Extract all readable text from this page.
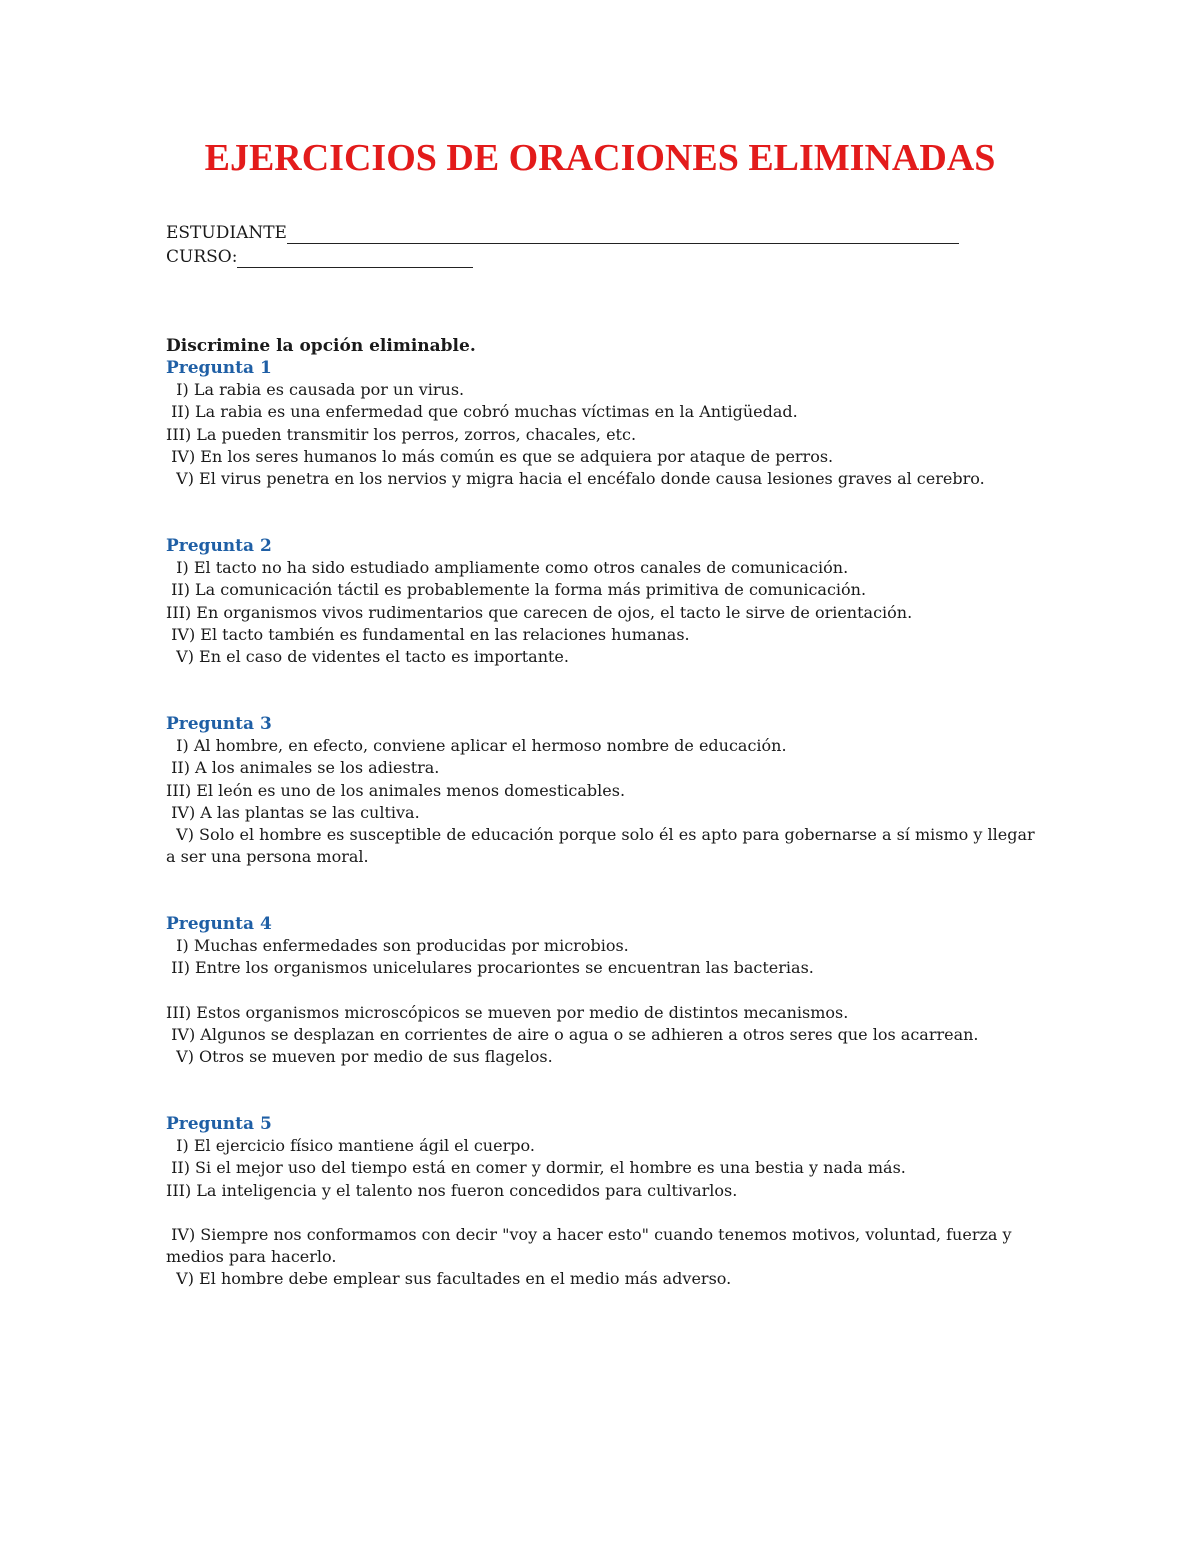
EJERCICIOS DE ORACIONES ELIMINADAS
ESTUDIANTE
CURSO:
Discrimine la opción eliminable.
Pregunta 1
I) La rabia es causada por un virus.
II) La rabia es una enfermedad que cobró muchas víctimas en la Antigüedad.
III) La pueden transmitir los perros, zorros, chacales, etc.
IV) En los seres humanos lo más común es que se adquiera por ataque de perros.
V) El virus penetra en los nervios y migra hacia el encéfalo donde causa lesiones graves al cerebro.
Pregunta 2
I) El tacto no ha sido estudiado ampliamente como otros canales de comunicación.
II) La comunicación táctil es probablemente la forma más primitiva de comunicación.
III) En organismos vivos rudimentarios que carecen de ojos, el tacto le sirve de orientación.
IV) El tacto también es fundamental en las relaciones humanas.
V) En el caso de videntes el tacto es importante.
Pregunta 3
I) Al hombre, en efecto, conviene aplicar el hermoso nombre de educación.
II) A los animales se los adiestra.
III) El león es uno de los animales menos domesticables.
IV) A las plantas se las cultiva.
V) Solo el hombre es susceptible de educación porque solo él es apto para gobernarse a sí mismo y llegar a ser una persona moral.
Pregunta 4
I) Muchas enfermedades son producidas por microbios.
II) Entre los organismos unicelulares procariontes se encuentran las bacterias.
III) Estos organismos microscópicos se mueven por medio de distintos mecanismos.
IV) Algunos se desplazan en corrientes de aire o agua o se adhieren a otros seres que los acarrean.
V) Otros se mueven por medio de sus flagelos.
Pregunta 5
I) El ejercicio físico mantiene ágil el cuerpo.
II) Si el mejor uso del tiempo está en comer y dormir, el hombre es una bestia y nada más.
III) La inteligencia y el talento nos fueron concedidos para cultivarlos.
IV) Siempre nos conformamos con decir "voy a hacer esto" cuando tenemos motivos, voluntad, fuerza y medios para hacerlo.
V) El hombre debe emplear sus facultades en el medio más adverso.
